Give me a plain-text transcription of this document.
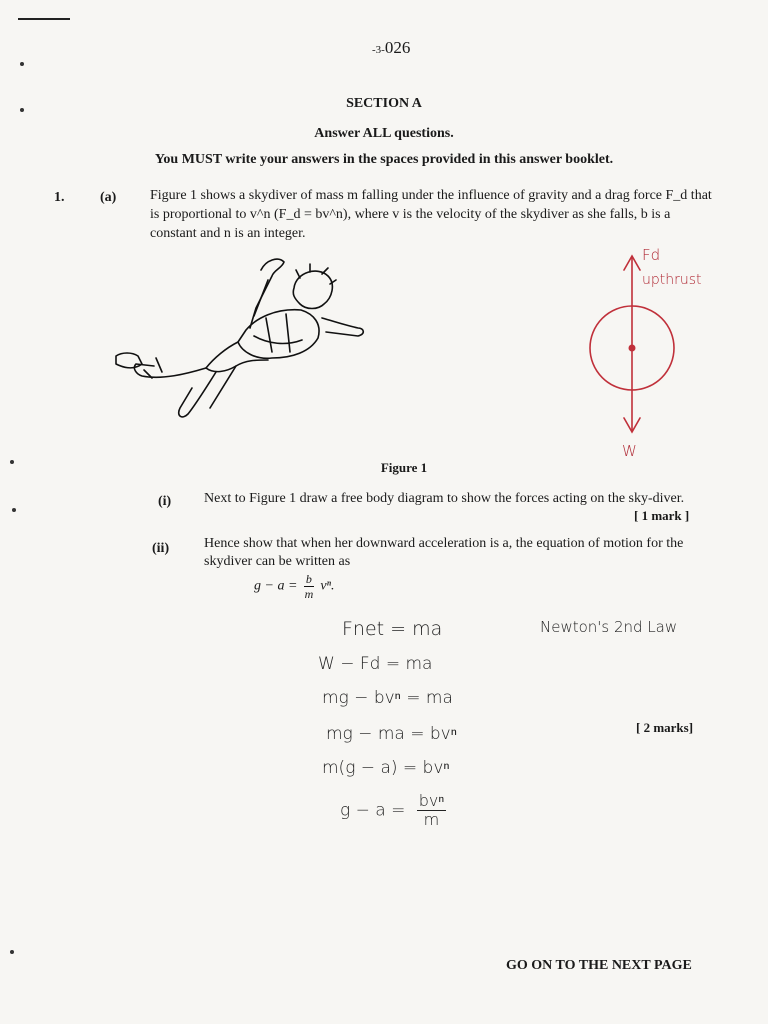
-3-026
SECTION A
Answer ALL questions.
You MUST write your answers in the spaces provided in this answer booklet.
1.	(a) Figure 1 shows a skydiver of mass m falling under the influence of gravity and a drag force F_d that is proportional to v^n (F_d = bv^n), where v is the velocity of the skydiver as she falls, b is a constant and n is an integer.
Fd
upthrust
W
Figure 1
(i) Next to Figure 1 draw a free body diagram to show the forces acting on the sky-diver.
[ 1 mark ]
(ii) Hence show that when her downward acceleration is a, the equation of motion for the skydiver can be written as
$g - a = \frac{b}{m} v^n$.
Fnet = ma	Newton's 2nd Law
W − Fd = ma
mg − bvⁿ = ma
mg − ma = bvⁿ
m(g − a) = bvⁿ
$g - a = \frac{\text{bvⁿ}}{m}$
[ 2 marks]
GO ON TO THE NEXT PAGE
